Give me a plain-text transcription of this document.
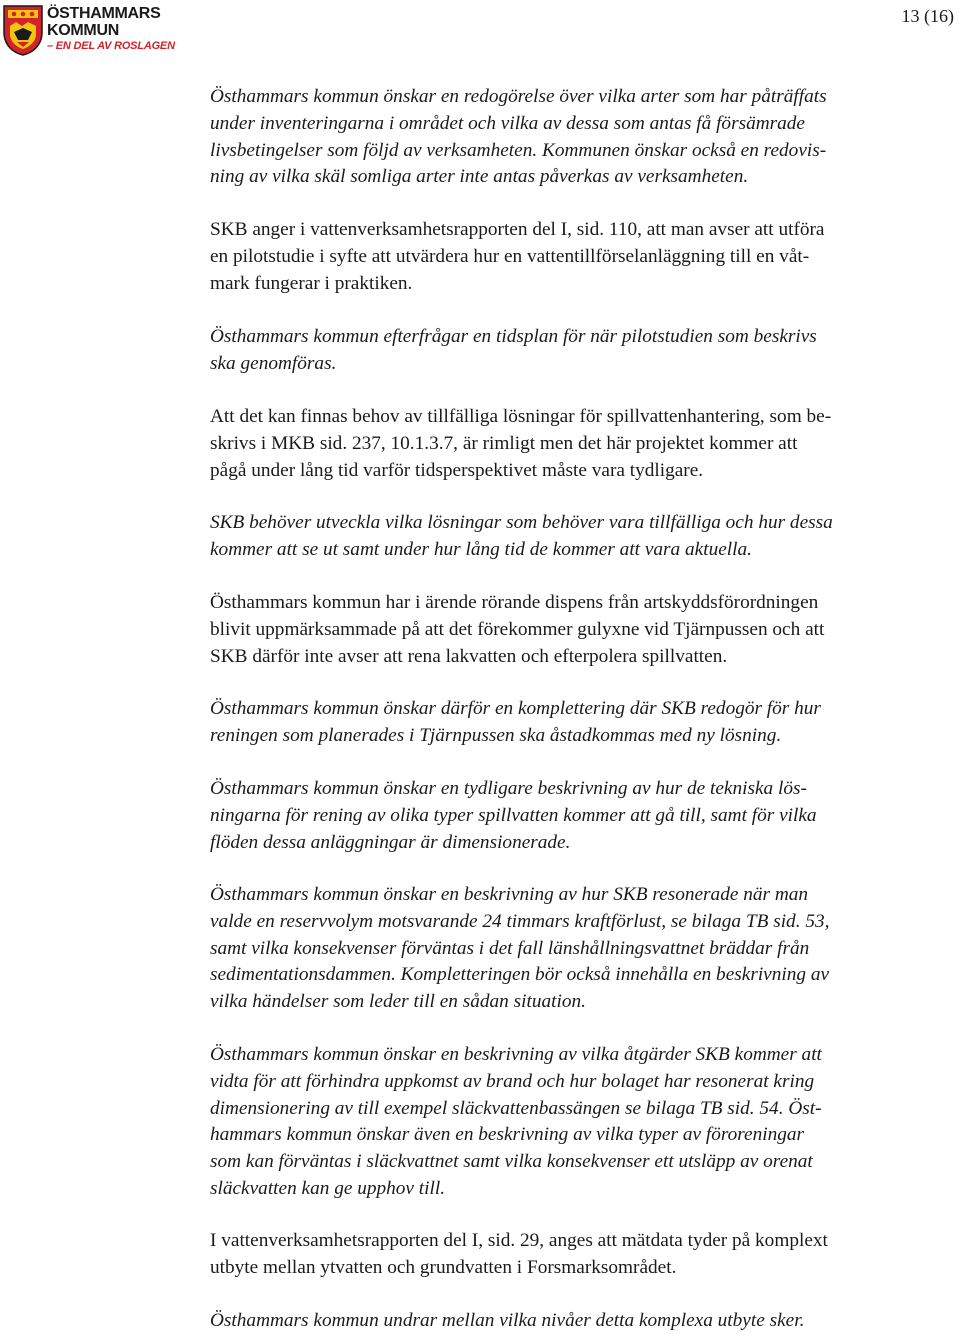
ÖSTHAMMARS
KOMMUN
– EN DEL AV ROSLAGEN
13 (16)

Östhammars kommun önskar en redogörelse över vilka arter som har påträffats
under inventeringarna i området och vilka av dessa som antas få försämrade
livsbetingelser som följd av verksamheten. Kommunen önskar också en redovis-
ning av vilka skäl somliga arter inte antas påverkas av verksamheten.

SKB anger i vattenverksamhetsrapporten del I, sid. 110, att man avser att utföra
en pilotstudie i syfte att utvärdera hur en vattentillförselanläggning till en våt-
mark fungerar i praktiken.

Östhammars kommun efterfrågar en tidsplan för när pilotstudien som beskrivs
ska genomföras.

Att det kan finnas behov av tillfälliga lösningar för spillvattenhantering, som be-
skrivs i MKB sid. 237, 10.1.3.7, är rimligt men det här projektet kommer att
pågå under lång tid varför tidsperspektivet måste vara tydligare.

SKB behöver utveckla vilka lösningar som behöver vara tillfälliga och hur dessa
kommer att se ut samt under hur lång tid de kommer att vara aktuella.

Östhammars kommun har i ärende rörande dispens från artskyddsförordningen
blivit uppmärksammade på att det förekommer gulyxne vid Tjärnpussen och att
SKB därför inte avser att rena lakvatten och efterpolera spillvatten.

Östhammars kommun önskar därför en komplettering där SKB redogör för hur
reningen som planerades i Tjärnpussen ska åstadkommas med ny lösning.

Östhammars kommun önskar en tydligare beskrivning av hur de tekniska lös-
ningarna för rening av olika typer spillvatten kommer att gå till, samt för vilka
flöden dessa anläggningar är dimensionerade.

Östhammars kommun önskar en beskrivning av hur SKB resonerade när man
valde en reservvolym motsvarande 24 timmars kraftförlust, se bilaga TB sid. 53,
samt vilka konsekvenser förväntas i det fall länshållningsvattnet bräddar från
sedimentationsdammen. Kompletteringen bör också innehålla en beskrivning av
vilka händelser som leder till en sådan situation.

Östhammars kommun önskar en beskrivning av vilka åtgärder SKB kommer att
vidta för att förhindra uppkomst av brand och hur bolaget har resonerat kring
dimensionering av till exempel släckvattenbassängen se bilaga TB sid. 54. Öst-
hammars kommun önskar även en beskrivning av vilka typer av föroreningar
som kan förväntas i släckvattnet samt vilka konsekvenser ett utsläpp av orenat
släckvatten kan ge upphov till.

I vattenverksamhetsrapporten del I, sid. 29, anges att mätdata tyder på komplext
utbyte mellan ytvatten och grundvatten i Forsmarksområdet.

Östhammars kommun undrar mellan vilka nivåer detta komplexa utbyte sker.
